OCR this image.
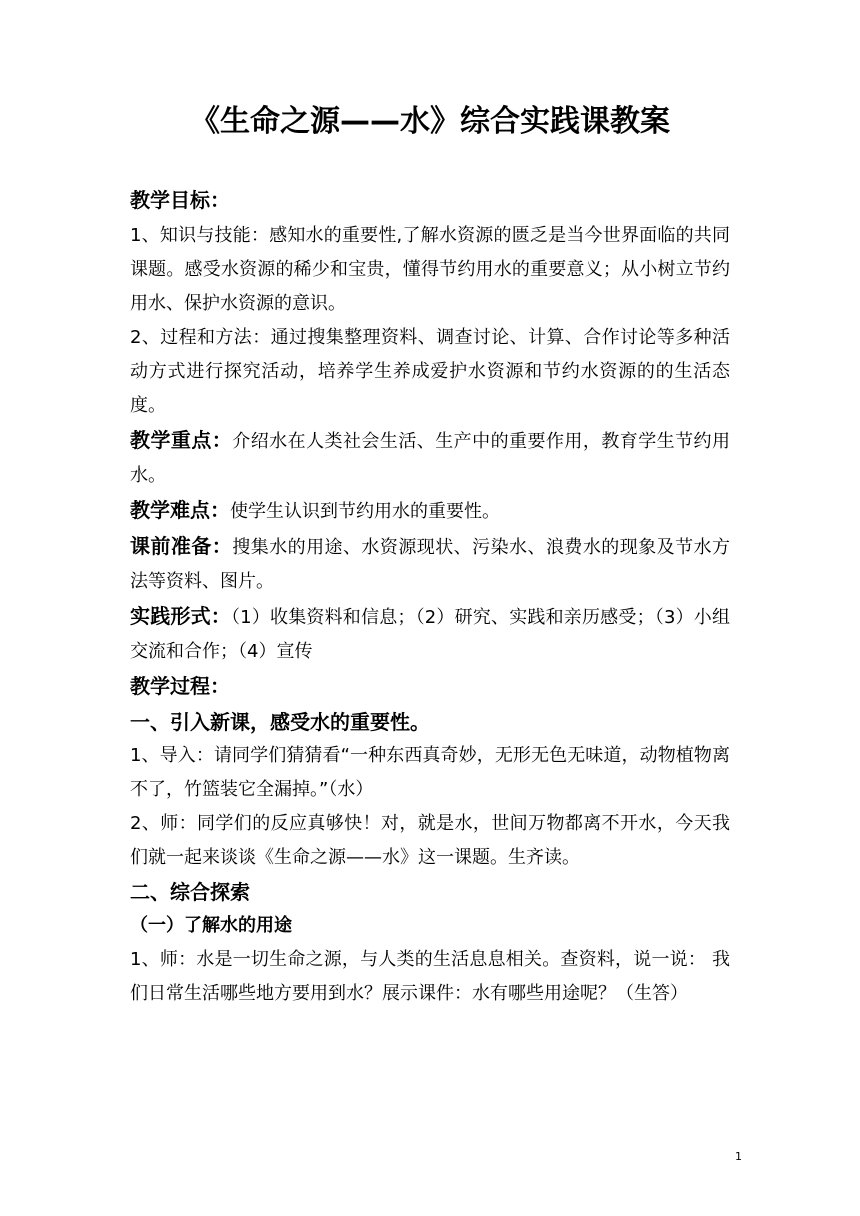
《生命之源——水》综合实践课教案

教学目标：

1、知识与技能：感知水的重要性,了解水资源的匮乏是当今世界面临的共同课题。感受水资源的稀少和宝贵，懂得节约用水的重要意义；从小树立节约用水、保护水资源的意识。

2、过程和方法：通过搜集整理资料、调查讨论、计算、合作讨论等多种活动方式进行探究活动，培养学生养成爱护水资源和节约水资源的的生活态度。

教学重点：介绍水在人类社会生活、生产中的重要作用，教育学生节约用水。

教学难点：使学生认识到节约用水的重要性。

课前准备：搜集水的用途、水资源现状、污染水、浪费水的现象及节水方法等资料、图片。

实践形式：（1）收集资料和信息；（2）研究、实践和亲历感受；（3）小组交流和合作；（4）宣传

教学过程：

一、引入新课，感受水的重要性。

1、导入：请同学们猜猜看“一种东西真奇妙，无形无色无味道，动物植物离不了，竹篮装它全漏掉。”（水）

2、师：同学们的反应真够快！对，就是水，世间万物都离不开水，今天我们就一起来谈谈《生命之源——水》这一课题。生齐读。

二、综合探索

（一）了解水的用途

1、师：水是一切生命之源，与人类的生活息息相关。查资料，说一说： 我们日常生活哪些地方要用到水？展示课件：水有哪些用途呢？（生答）

1
